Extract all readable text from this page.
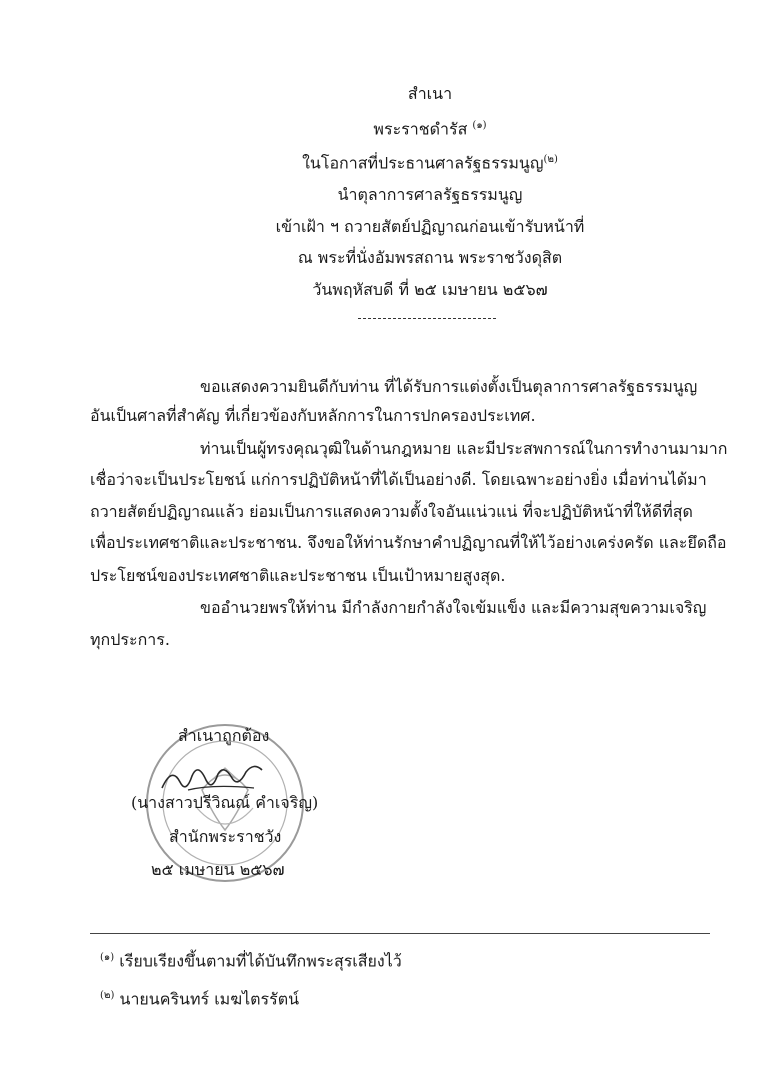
สำเนา
พระราชดำรัส $^{(๑)}$
ในโอกาสที่ประธานศาลรัฐธรรมนูญ$^{(๒)}$
นำตุลาการศาลรัฐธรรมนูญ
เข้าเฝ้า ฯ ถวายสัตย์ปฏิญาณก่อนเข้ารับหน้าที่
ณ พระที่นั่งอัมพรสถาน พระราชวังดุสิต
วันพฤหัสบดี ที่ ๒๕ เมษายน ๒๕๖๗
ขอแสดงความยินดีกับท่าน ที่ได้รับการแต่งตั้งเป็นตุลาการศาลรัฐธรรมนูญ
อันเป็นศาลที่สำคัญ ที่เกี่ยวข้องกับหลักการในการปกครองประเทศ.
ท่านเป็นผู้ทรงคุณวุฒิในด้านกฎหมาย และมีประสพการณ์ในการทำงานมามาก
เชื่อว่าจะเป็นประโยชน์ แก่การปฏิบัติหน้าที่ได้เป็นอย่างดี. โดยเฉพาะอย่างยิ่ง เมื่อท่านได้มา
ถวายสัตย์ปฏิญาณแล้ว ย่อมเป็นการแสดงความตั้งใจอันแน่วแน่ ที่จะปฏิบัติหน้าที่ให้ดีที่สุด
เพื่อประเทศชาติและประชาชน. จึงขอให้ท่านรักษาคำปฏิญาณที่ให้ไว้อย่างเคร่งครัด และยึดถือ
ประโยชน์ของประเทศชาติและประชาชน เป็นเป้าหมายสูงสุด.
ขออำนวยพรให้ท่าน มีกำลังกายกำลังใจเข้มแข็ง และมีความสุขความเจริญ
ทุกประการ.
สำเนาถูกต้อง
(นางสาวปรีวิณณ์ คำเจริญ)
สำนักพระราชวัง
๒๕ เมษายน ๒๕๖๗
$^{(๑)}$ เรียบเรียงขึ้นตามที่ได้บันทึกพระสุรเสียงไว้
$^{(๒)}$ นายนครินทร์ เมฆไตรรัตน์
